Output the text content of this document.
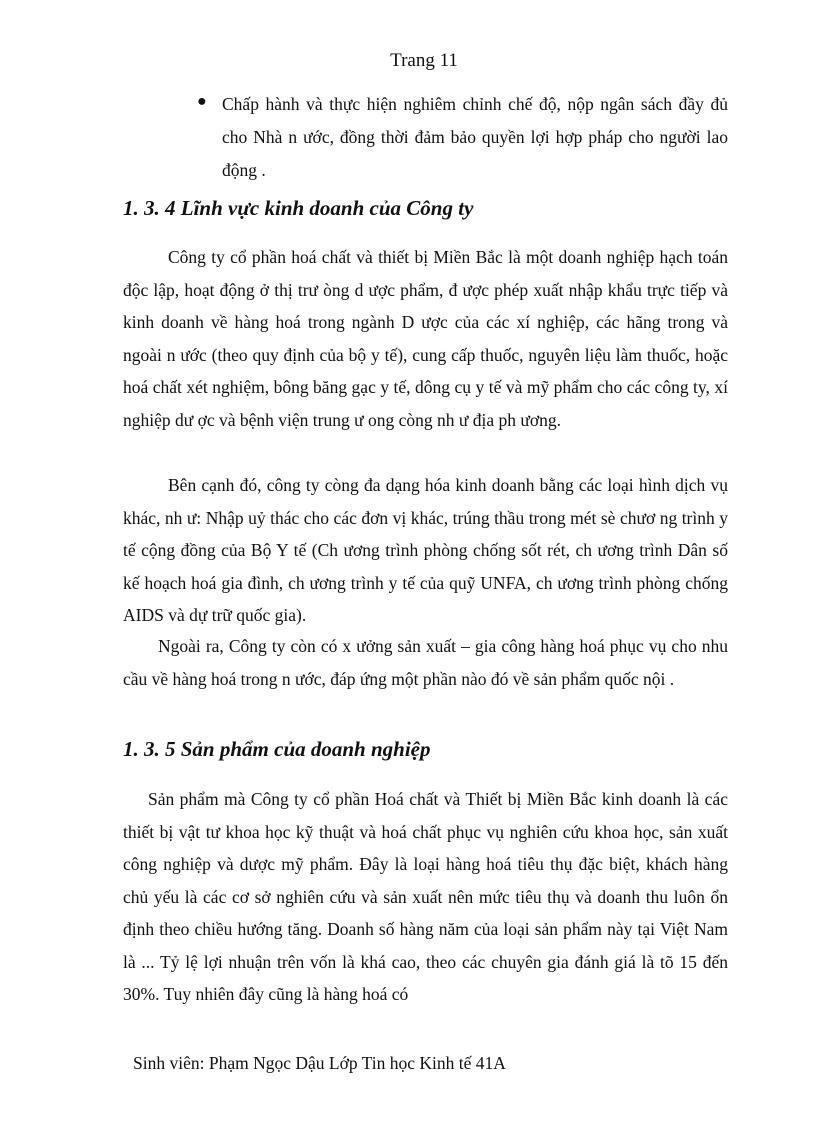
Trang 11
● Chấp hành và thực hiện nghiêm chỉnh chế độ, nộp ngân sách đầy đủ cho Nhà n ước, đồng thời đảm bảo quyền lợi hợp pháp cho người lao động .
1. 3. 4 Lĩnh vực kinh doanh của Công ty
Công ty cổ phần hoá chất và thiết bị Miền Bắc là một doanh nghiệp hạch toán độc lập, hoạt động ở thị trư òng d ược phẩm, đ ược phép xuất nhập khẩu trực tiếp và kinh doanh về hàng hoá trong ngành D ược của các xí nghiệp, các hãng trong và ngoài n ước (theo quy định của bộ y tế), cung cấp thuốc, nguyên liệu làm thuốc, hoặc hoá chất xét nghiệm, bông băng gạc y tế, dông cụ y tế và mỹ phẩm cho các công ty, xí nghiệp dư ợc và bệnh viện trung ư ong còng nh ư địa ph ương.
Bên cạnh đó, công ty còng đa dạng hóa kinh doanh bằng các loại hình dịch vụ khác, nh ư: Nhập uỷ thác cho các đơn vị khác, trúng thầu trong mét sè chươ ng trình y tế cộng đồng của Bộ Y tế (Ch ương trình phòng chống sốt rét, ch ương trình Dân số kế hoạch hoá gia đình, ch ương trình y tế của quỹ UNFA, ch ương trình phòng chống AIDS và dự trữ quốc gia).
Ngoài ra, Công ty còn có x ưởng sản xuất – gia công hàng hoá phục vụ cho nhu cầu về hàng hoá trong n ước, đáp ứng một phần nào đó về sản phẩm quốc nội .
1. 3. 5 Sản phẩm của doanh nghiệp
Sản phẩm mà Công ty cổ phần Hoá chất và Thiết bị Miền Bắc kinh doanh là các thiết bị vật tư khoa học kỹ thuật và hoá chất phục vụ nghiên cứu khoa học, sản xuất công nghiệp và dược mỹ phẩm. Đây là loại hàng hoá tiêu thụ đặc biệt, khách hàng chủ yếu là các cơ sở nghiên cứu và sản xuất nên mức tiêu thụ và doanh thu luôn ổn định theo chiều hướng tăng. Doanh số hàng năm của loại sản phẩm này tại Việt Nam là ... Tỷ lệ lợi nhuận trên vốn là khá cao, theo các chuyên gia đánh giá là tõ 15 đến 30%. Tuy nhiên đây cũng là hàng hoá có
Sinh viên: Phạm Ngọc Dậu Lớp Tin học Kinh tế 41A
